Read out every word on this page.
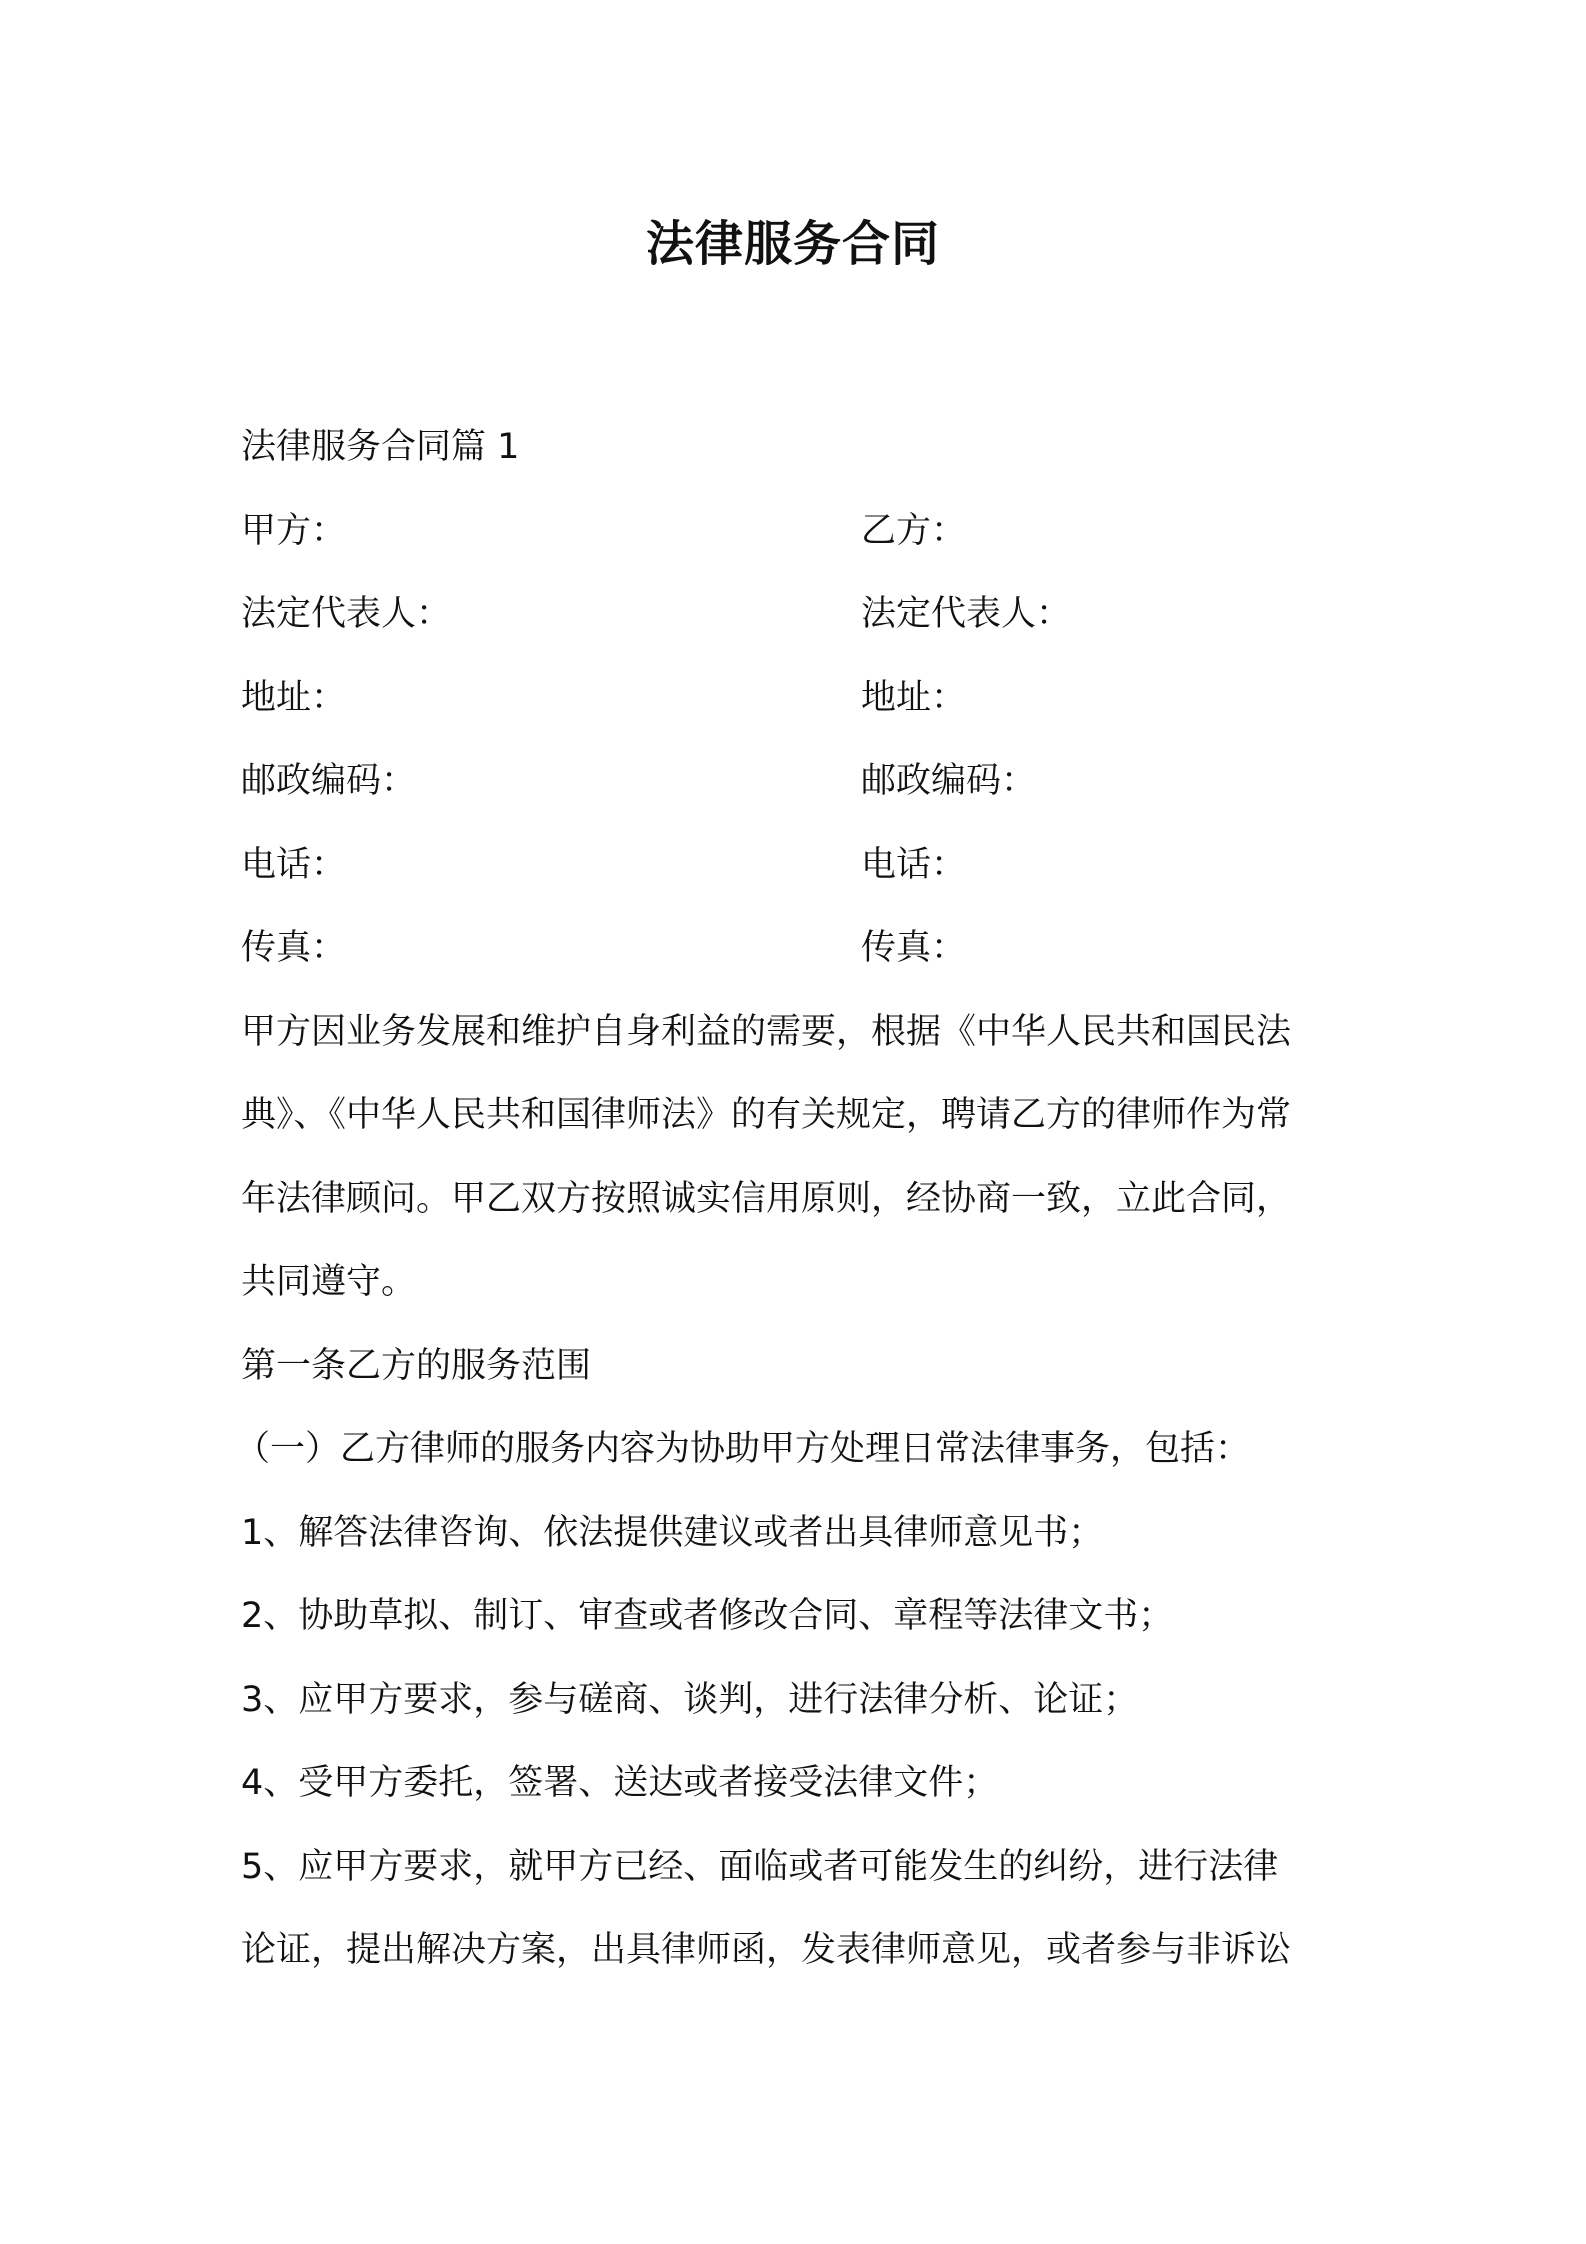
法律服务合同

法律服务合同篇 1

甲方：	乙方：
法定代表人：	法定代表人：
地址：	地址：
邮政编码：	邮政编码：
电话：	电话：
传真：	传真：

甲方因业务发展和维护自身利益的需要，根据《中华人民共和国民法

典》、《中华人民共和国律师法》的有关规定，聘请乙方的律师作为常

年法律顾问。甲乙双方按照诚实信用原则，经协商一致，立此合同，

共同遵守。

第一条乙方的服务范围

（一）乙方律师的服务内容为协助甲方处理日常法律事务，包括：

1、解答法律咨询、依法提供建议或者出具律师意见书；

2、协助草拟、制订、审查或者修改合同、章程等法律文书；

3、应甲方要求，参与磋商、谈判，进行法律分析、论证；

4、受甲方委托，签署、送达或者接受法律文件；

5、应甲方要求，就甲方已经、面临或者可能发生的纠纷，进行法律

论证，提出解决方案，出具律师函，发表律师意见，或者参与非诉讼
